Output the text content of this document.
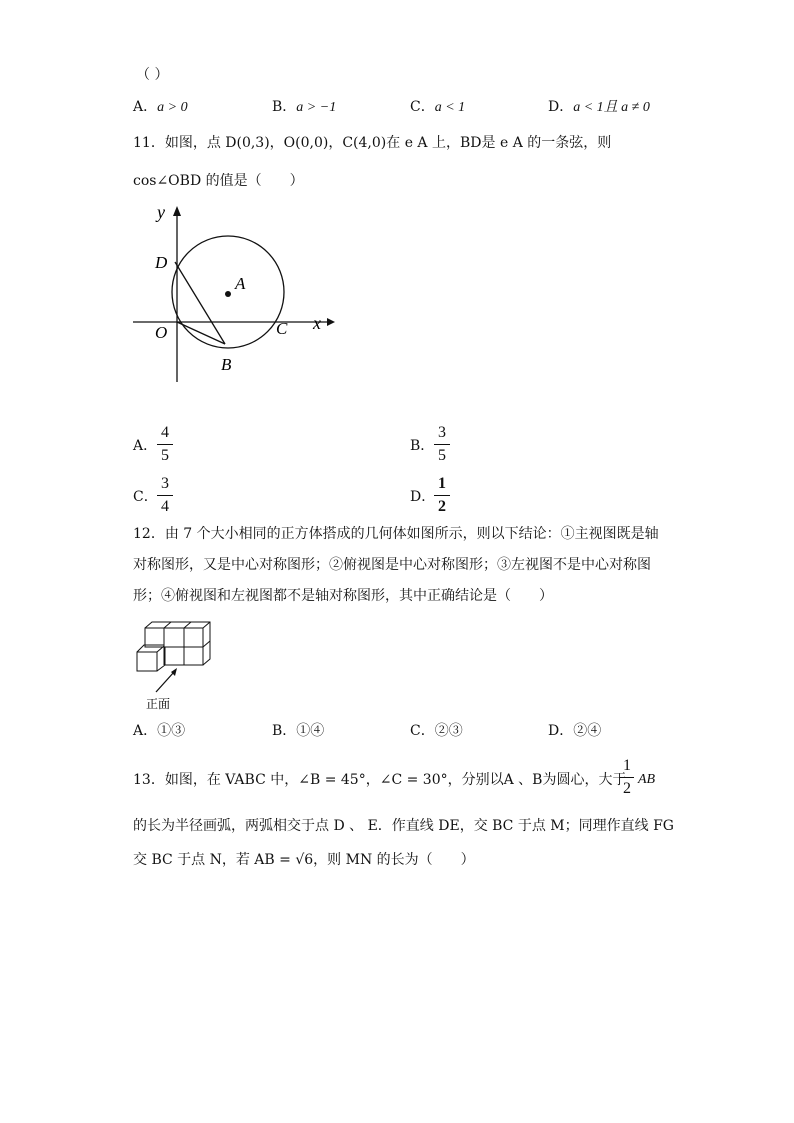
（ ）
A．a > 0	B．a > −1	C．a < 1	D．a < 1且 a ≠ 0
11．如图，点 D(0,3)，O(0,0)，C(4,0)在 e A 上，BD是 e A 的一条弦，则
cos∠OBD 的值是（　　）
y
x
D
A
O	C
B
A．
4
5
B．
3
5
C．
3
4
D．
1
2
12．由 7 个大小相同的正方体搭成的几何体如图所示，则以下结论：①主视图既是轴
对称图形，又是中心对称图形；②俯视图是中心对称图形；③左视图不是中心对称图
形；④俯视图和左视图都不是轴对称图形，其中正确结论是（　　）
正面
A．①③	B．①④	C．②③	D．②④
13．如图，在 VABC 中，∠B = 45°，∠C = 30°，分别以A 、B为圆心，大于
1
2
AB
的长为半径画弧，两弧相交于点 D 、 E．作直线 DE，交 BC 于点 M；同理作直线 FG
交 BC 于点 N，若 AB = √6，则 MN 的长为（　　）
